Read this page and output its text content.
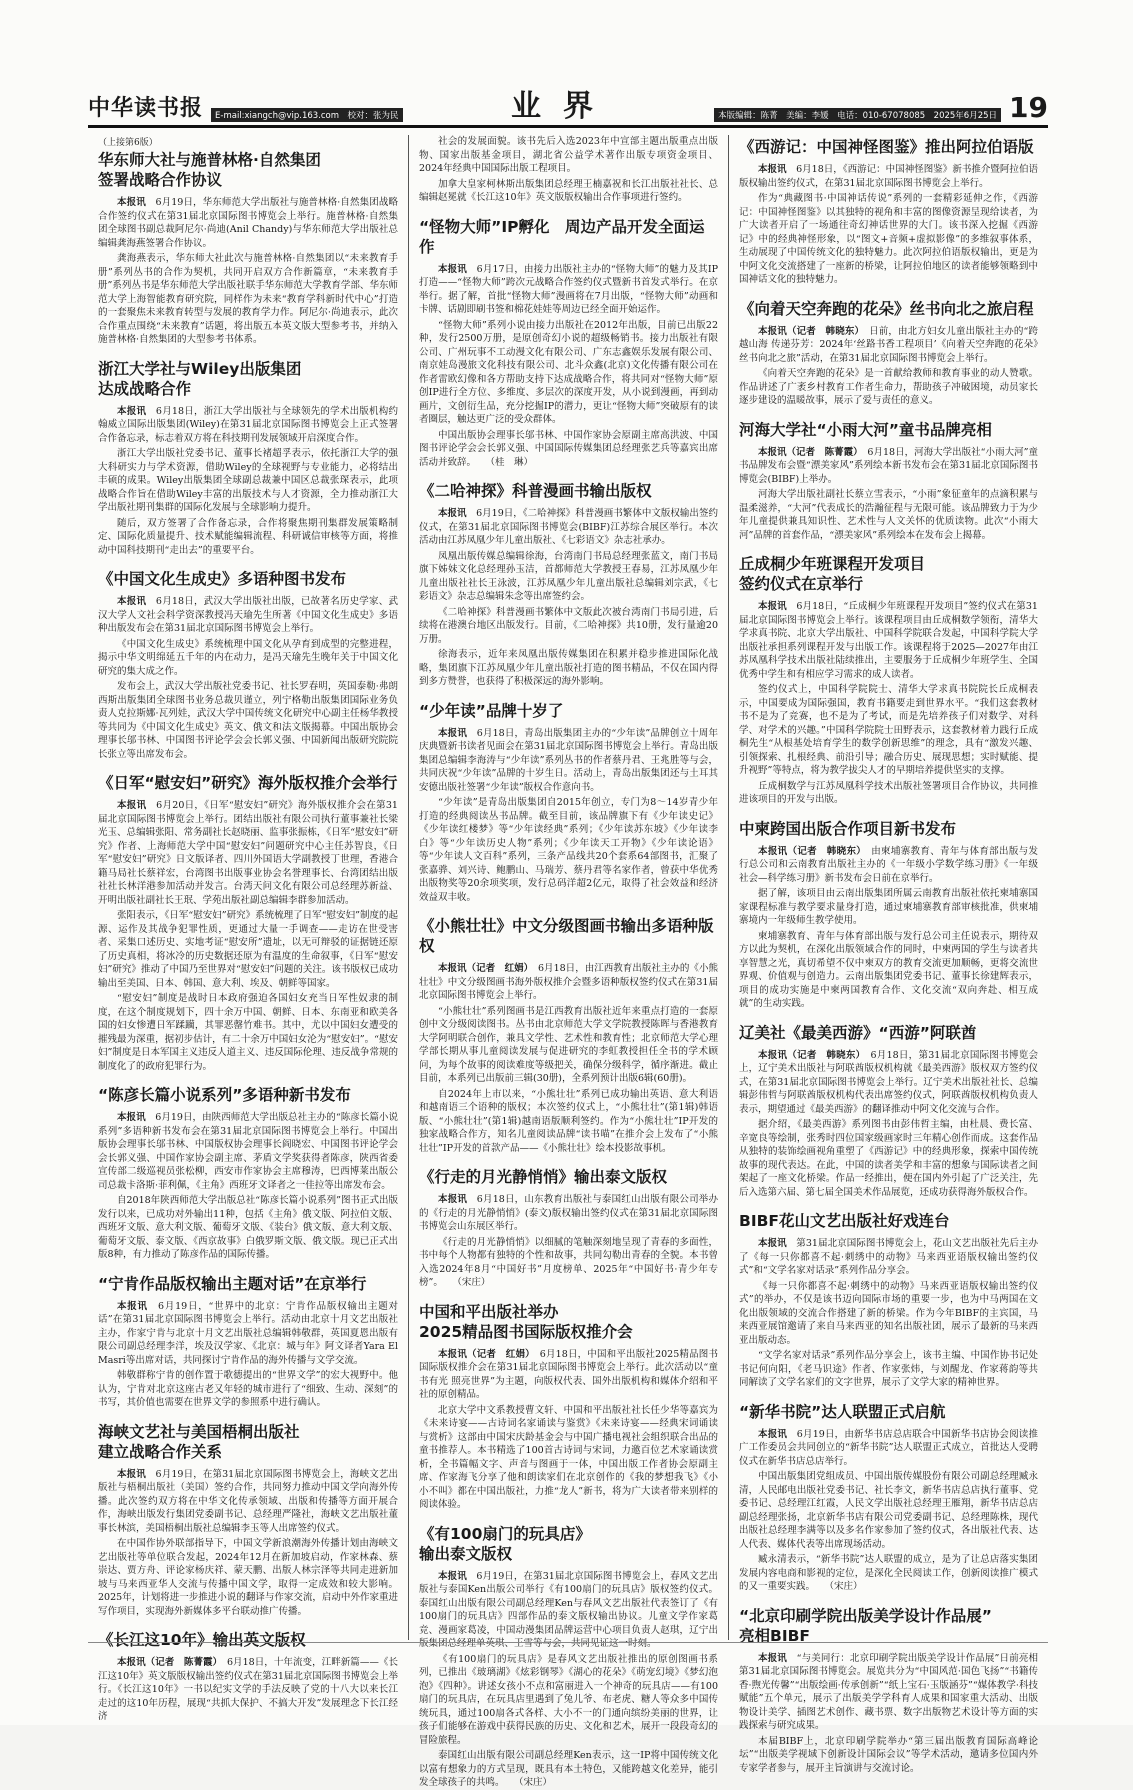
中华读书报	E-mail:xiangch@vip.163.com　校对：张为民	业界	本版编辑：陈菁　美编：李媛　电话：010-67078085　2025年6月25日 19
（上接第6版）
华东师大社与施普林格·自然集团
签署战略合作协议

本报讯　 6月19日，华东师范大学出版社与施普林格·自然集团战略合作签约仪式在第31届北京国际图书博览会上举行。施普林格·自然集团全球图书副总裁阿尼尔·尚迪(Anil Chandy)与华东师范大学出版社总编辑龚海燕签署合作协议。

龚海燕表示，华东师大社此次与施普林格·自然集团以“未来教育手册”系列丛书的合作为契机，共同开启双方合作新篇章，“未来教育手册”系列丛书是华东师范大学出版社联手华东师范大学教育学部、华东师范大学上海智能教育研究院，同样作为未来“教育学科新时代中心”打造的一套聚焦未来教育转型与发展的教育学力作。阿尼尔·尚迪表示，此次合作重点围绕“未来教育”话题，将出版五本英文版大型参考书，并纳入施普林格·自然集团的大型参考书体系。

浙江大学社与Wiley出版集团
达成战略合作

本报讯　 6月18日，浙江大学出版社与全球领先的学术出版机构约翰威立国际出版集团(Wiley)在第31届北京国际图书博览会上正式签署合作备忘录，标志着双方将在科技期刊发展领域开启深度合作。

浙江大学出版社党委书记、董事长褚超孚表示，依托浙江大学的强大科研实力与学术资源，借助Wiley的全球视野与专业能力，必将结出丰硕的成果。Wiley出版集团全球副总裁兼中国区总裁张琛表示，此项战略合作旨在借助Wiley丰富的出版技术与人才资源，全力推动浙江大学出版社期刊集群的国际化发展与全球影响力提升。

随后，双方签署了合作备忘录，合作将聚焦期刊集群发展策略制定、国际化质量提升、技术赋能编辑流程、科研诚信审核等方面，将推动中国科技期刊“走出去”的重要平台。

《中国文化生成史》多语种图书发布

本报讯　 6月18日，武汉大学出版社出版，已故著名历史学家、武汉大学人文社会科学资深教授冯天瑜先生所著《中国文化生成史》多语种出版发布会在第31届北京国际图书博览会上举行。

《中国文化生成史》系统梳理中国文化从孕育到成型的完整进程，揭示中华文明绵延五千年的内在动力，是冯天瑜先生晚年关于中国文化研究的集大成之作。

发布会上，武汉大学出版社党委书记、社长罗春明，英国泰勒·弗朗西斯出版集团全球图书业务总裁贝谨立，列宁格勒出版集团国际业务负责人克拉斯娜·瓦列娃，武汉大学中国传统文化研究中心副主任杨华教授等共同为《中国文化生成史》英文、俄文和法文版揭幕。中国出版协会理事长邬书林、中国图书评论学会会长郭义强、中国新闻出版研究院院长张立等出席发布会。

《日军“慰安妇”研究》海外版权推介会举行

本报讯　 6月20日，《日军“慰安妇”研究》海外版权推介会在第31届北京国际图书博览会上举行。团结出版社有限公司执行董事兼社长梁光玉、总编辑张阳、常务副社长赵晓丽、监事张振栋，《日军“慰安妇”研究》作者、上海师范大学中国“慰安妇”问题研究中心主任苏智良，《日军“慰安妇”研究》日文版译者、四川外国语大学副教授丁世理，香港合籍马局社长蔡祥宏，台湾图书出版事业协会名誉理事长、台湾团结出版社社长林洋港参加活动并发言。台湾天问文化有限公司总经理苏新益、开明出版社副社长王珉、学苑出版社副总编辑李群参加活动。

张阳表示，《日军“慰安妇”研究》系统梳理了日军“慰安妇”制度的起源、运作及其战争犯罪性质，更通过大量一手调查——走访在世受害者、采集口述历史、实地考证“慰安所”遗址，以无可辩驳的证据链还原了历史真相，将冰冷的历史数据还原为有温度的生命叙事，《日军“慰安妇”研究》推动了中国乃至世界对“慰安妇”问题的关注。该书版权已成功输出至美国、日本、韩国、意大利、埃及、朝鲜等国家。

“慰安妇”制度是战时日本政府强迫各国妇女充当日军性奴隶的制度，在这个制度规划下，四十余万中国、朝鲜、日本、东南亚和欧美各国的妇女惨遭日军蹂躏，其罪恶罄竹难书。其中，尤以中国妇女遭受的摧残最为深重，据初步估计，有二十余万中国妇女沦为“慰安妇”。“慰安妇”制度是日本军国主义违反人道主义、违反国际伦理、违反战争常规的制度化了的政府犯罪行为。

“陈彦长篇小说系列”多语种新书发布

本报讯　 6月19日，由陕西师范大学出版总社主办的“陈彦长篇小说系列”多语种新书发布会在第31届北京国际图书博览会上举行。中国出版协会理事长邬书林、中国版权协会理事长阎晓宏、中国图书评论学会会长郭义强、中国作家协会副主席、茅盾文学奖获得者陈彦，陕西省委宣传部二级巡视员张松柳，西安市作家协会主席穆涛，巴西博莱出版公司总裁卡洛斯·菲利佩，《主角》西班牙文译者之一佳拉等出席发布会。

自2018年陕西师范大学出版总社“陈彦长篇小说系列”图书正式出版发行以来，已成功对外输出11种，包括《主角》俄文版、阿拉伯文版、西班牙文版、意大利文版、葡萄牙文版、《装台》俄文版、意大利文版、葡萄牙文版、泰文版、《西京故事》白俄罗斯文版、俄文版。现已正式出版8种，有力推动了陈彦作品的国际传播。

“宁肯作品版权输出主题对话”在京举行

本报讯　 6月19日，“世界中的北京：宁肯作品版权输出主题对话”在第31届北京国际图书博览会上举行。活动由北京十月文艺出版社主办，作家宁肯与北京十月文艺出版社总编辑韩敬群，英国夏恩出版有限公司副总经理李洋，埃及汉学家、《北京：城与年》阿文译者Yara El Masri等出席对话，共同探讨宁肯作品的海外传播与文学交流。

韩敬群称宁肯的创作置于歌德提出的“世界文学”的宏大视野中。他认为，宁肯对北京这座古老又年轻的城市进行了“细致、生动、深刻”的书写，其价值也需要在世界文学的参照系中进行确认。

海峡文艺社与美国梧桐出版社
建立战略合作关系

本报讯　 6月19日，在第31届北京国际图书博览会上，海峡文艺出版社与梧桐出版社（美国）签约合作，共同努力推动中国文学向海外传播。此次签约双方将在中华文化传承领域、出版和传播等方面开展合作，海峡出版发行集团党委副书记、总经理严隆社，海峡文艺出版社董事长林滨，美国梧桐出版社总编辑李玉等人出席签约仪式。

在中国作协外联部指导下，中国文学新浪潮海外传播计划由海峡文艺出版社等单位联合发起，2024年12月在新加坡启动，作家林森、蔡崇达、贾方舟、评论家杨庆祥、蒙天鹏、出版人林宗泽等共同走进新加坡与马来西亚华人交流与传播中国文学，取得一定成效和较大影响。2025年，计划将进一步推进小说的翻译与作家交流，启动中外作家重进写作项目，实现海外新媒体多平台联动推广传播。

《长江这10年》输出英文版权

本报讯（记者　陈菁霞）　 6月18日，十年流变，江畔新篇——《长江这10年》英文版版权输出签约仪式在第31届北京国际图书博览会上举行。《长江这10年》一书以纪实文学的手法反映了党的十八大以来长江走过的这10年历程，展现“共抓大保护、不搞大开发”发展理念下长江经济

社会的发展面貌。该书先后入选2023年中宣部主题出版重点出版物、国家出版基金项目，湖北省公益学术著作出版专项资金项目、2024年经典中国国际出版工程项目。

加拿大皇家柯林斯出版集团总经理王楠嘉祝和长江出版社社长、总编辑赵冕就《长江这10年》英文版版权输出合作事项进行签约。

“怪物大师”IP孵化　周边产品开发全面运作

本报讯　 6月17日，由接力出版社主办的“怪物大师”的魅力及其IP打造——“怪物大师”跨次元战略合作签约仪式暨新书首发式举行。在京举行。据了解，首批“怪物大师”漫画将在7月出版，“怪物大师”动画和卡牌、话剧即刷书签和棉花娃娃等周边已经全面开始运作。

“怪物大师”系列小说由接力出版社在2012年出版，目前已出版22种，发行2500万册，是原创奇幻小说的超级畅销书。接力出版社有限公司、广州玩事不工动漫文化有限公司、广东志鑫娱乐发展有限公司、南京娃岛漫旅文化科技有限公司、北斗众鑫(北京)文化传播有限公司在作者雷欧幻像和各方帮助支持下达成战略合作，将共同对“怪物大师”原创IP进行全方位、多维度、多层次的深度开发，从小说到漫画，再到动画片，文创衍生品，充分挖掘IP的潜力，更让“怪物大师”突破原有的读者圈层，触达更广泛的受众群体。

中国出版协会理事长邬书林、中国作家协会原副主席高洪波、中国图书评论学会会长郭义强、中国国际传媒集团总经理张艺兵等嘉宾出席活动并致辞。　　（桂　琳）

《二哈神探》科普漫画书输出版权

本报讯　 6月19日，《二哈神探》科普漫画书繁体中文版权输出签约仪式，在第31届北京国际图书博览会(BIBF)江苏综合展区举行。本次活动由江苏凤凰少年儿童出版社、《七彩语文》杂志社承办。

凤凰出版传媒总编辑徐海，台湾南门书局总经理张蓝文，南门书局旗下姊妹文化总经理孙玉洁，首都师范大学教授王春易，江苏凤凰少年儿童出版社社长王泳波，江苏凤凰少年儿童出版社总编辑刘宗武，《七彩语文》杂志总编辑朱念等出席签约会。

《二哈神探》科普漫画书繁体中文版此次被台湾南门书局引进，后续将在港澳台地区出版发行。目前，《二哈神探》共10册，发行量逾20万册。

徐海表示，近年来凤凰出版传媒集团在积累并稳步推进国际化战略，集团旗下江苏凤凰少年儿童出版社打造的图书精品，不仅在国内得到多方赞誉，也获得了积极深远的海外影响。

“少年读”品牌十岁了

本报讯　 6月18日，青岛出版集团主办的“少年读”品牌创立十周年庆典暨新书读者见面会在第31届北京国际图书博览会上举行。青岛出版集团总编辑李海涛与“少年读”系列丛书的作者蔡丹君、王兆胜等与会，共同庆祝“少年读”品牌的十岁生日。活动上，青岛出版集团还与土耳其安德出版社签署“少年读”版权合作意向书。

“少年读”是青岛出版集团自2015年创立，专门为8～14岁青少年打造的经典阅读丛书品牌。截至目前，该品牌旗下有《少年读史记》《少年读红楼梦》等“少年读经典”系列；《少年读苏东坡》《少年读李白》等“少年读历史人物”系列；《少年读天工开物》《少年读论语》等“少年读人文百科”系列，三条产品线共20个套系64部图书，汇聚了张嘉骅、刘兴诗、鲍鹏山、马瑞芳、蔡丹君等名家作者，曾获中华优秀出版物奖等20余项奖项，发行总码洋超2亿元，取得了社会效益和经济效益双丰收。

《小熊壮壮》中文分级图画书输出多语种版权

本报讯（记者　红娟）　 6月18日，由江西教育出版社主办的《小熊壮壮》中文分级图画书海外版权推介会暨多语种版权签约仪式在第31届北京国际图书博览会上举行。

“小熊壮壮”系列图画书是江西教育出版社近年来重点打造的一套原创中文分级阅读图书。丛书由北京师范大学文学院教授陈晖与香港教育大学阿明联合创作，兼具文学性、艺术性和教育性；北京师范大学心理学部长期从事儿童阅读发展与促进研究的李虹教授担任全书的学术顾问，为每个故事的阅读难度等级把关，确保分级科学，循序渐进。截止目前，本系列已出版前三辑(30册)，全系列预计出版6辑(60册)。

自2024年上市以来，“小熊壮壮”系列已成功输出英语、意大利语和越南语三个语种的版权；本次签约仪式上，“小熊壮壮”(第1辑)韩语版、“小熊壮壮”(第1辑)越南语版顺利签约。作为“小熊壮壮”IP开发的独家战略合作方，知名儿童阅读品牌“读书喵”在推介会上发布了“小熊壮壮”IP开发的首款产品——《小熊壮壮》绘本投影故事机。

《行走的月光静悄悄》输出泰文版权

本报讯　 6月18日，山东教育出版社与泰国红山出版有限公司举办的《行走的月光静悄悄》(泰文)版权输出签约仪式在第31届北京国际图书博览会山东展区举行。

《行走的月光静悄悄》以细腻的笔触深刻地呈现了青春的多面性，书中每个人物都有独特的个性和故事，共同勾勒出青春的全貌。本书曾入选2024年8月“中国好书”月度榜单、2025年“中国好书·青少年专榜”。　　（宋庄）

中国和平出版社举办
2025精品图书国际版权推介会

本报讯（记者　红娟）　 6月18日，中国和平出版社2025精品图书国际版权推介会在第31届北京国际图书博览会上举行。此次活动以“童书有光 照亮世界”为主题，向版权代表、国外出版机构和媒体介绍和平社的原创精品。

北京大学中文系教授曹文轩、中国和平出版社社长任少华等嘉宾为《未来诗宴——古诗词名家诵读与鉴赏》《未来诗宴——经典宋词诵读与赏析》这部由中国宋庆龄基金会与中国广播电视社会组织联合出品的童书推荐人。本书精选了100首古诗词与宋词，力邀百位艺术家诵读赏析，全书篇幅文字、声音与图画于一体，中国出版工作者协会原副主席、作家海飞分享了他和朗读家们在北京创作的《我的梦想我飞》《小小不叫》都在中国出版社，力推“龙人”新书，将为广大读者带来别样的阅读体验。

《有100扇门的玩具店》
输出泰文版权

本报讯　 6月19日，在第31届北京国际图书博览会上，春风文艺出版社与泰国Ken出版公司举行《有100扇门的玩具店》版权签约仪式。泰国红山出版有限公司副总经理Ken与春风文艺出版社代表签订了《有100扇门的玩具店》四部作品的泰文版权输出协议。儿童文学作家葛竞、漫画家葛凌，中国动漫集团品牌运营中心项目负责人赵琪，辽宁出版集团总经理单英琪、王雪等与会，共同见证这一时刻。

《有100扇门的玩具店》是春风文艺出版社推出的原创图画书系列，已推出《玻璃湖》《炫彩钢琴》《湖心的花朵》《萌宠幻境》《梦幻泡泡》《四种》。讲述女孩小不点和富丽进入一个神奇的玩具店——有100扇门的玩具店，在玩具店里遇到了兔儿爷、布老虎、糖人等众多中国传统玩具，通过100扇各式各样、大小不一的门通向缤纷美丽的世界，让孩子们能够在游戏中获得民族的历史、文化和艺术，展开一段段奇幻的冒险旅程。

泰国红山出版有限公司副总经理Ken表示，这一IP将中国传统文化以富有想象力的方式呈现，既具有本土特色，又能跨越文化差异，能引发全球孩子的共鸣。　　（宋庄）

《西游记：中国神怪图鉴》推出阿拉伯语版

本报讯　 6月18日，《西游记：中国神怪图鉴》新书推介暨阿拉伯语版权输出签约仪式，在第31届北京国际图书博览会上举行。

作为“典藏图书·中国神话传说”系列的一套精彩延伸之作，《西游记：中国神怪图鉴》以其独特的视角和丰富的图像资源呈现给读者，为广大读者开启了一场通往奇幻神话世界的大门。该书深入挖掘《西游记》中的经典神怪形象，以“图文+音频+虚拟影像”的多维叙事体系，生动展现了中国传统文化的独特魅力。此次阿拉伯语版权输出，更是为中阿文化交流搭建了一座新的桥梁，让阿拉伯地区的读者能够领略到中国神话文化的独特魅力。

《向着天空奔跑的花朵》丝书向北之旅启程

本报讯（记者　韩晓东）　 日前，由北方妇女儿童出版社主办的“跨越山海 传递芬芳：2024年‘丝路书香工程项目’《向着天空奔跑的花朵》丝书向北之旅”活动，在第31届北京国际图书博览会上举行。

《向着天空奔跑的花朵》是一首献给教师和教育事业的动人赞歌。作品讲述了广袤乡村教育工作者生命力，帮助孩子冲破困境，动员家长逐步建设的温暖故事，展示了爱与责任的意义。

河海大学社“小雨大河”童书品牌亮相

本报讯（记者　陈菁霞）　 6月18日，河海大学出版社“小雨大河”童书品牌发布会暨“漂美家风”系列绘本新书发布会在第31届北京国际图书博览会(BIBF)上举办。

河海大学出版社副社长蔡立雪表示，“小雨”象征童年的点滴积累与温柔滋养，“大河”代表成长的浩瀚征程与无限可能。该品牌致力于为少年儿童提供兼具知识性、艺术性与人文关怀的优质读物。此次“小雨大河”品牌的首套作品，“漂美家风”系列绘本在发布会上揭幕。

丘成桐少年班课程开发项目
签约仪式在京举行

本报讯　 6月18日，“丘成桐少年班课程开发项目”签约仪式在第31届北京国际图书博览会上举行。该课程项目由丘成桐数学领衔，清华大学求真书院、北京大学出版社、中国科学院联合发起，中国科学院大学出版社承担系列课程开发与出版工作。该课程将于2025—2027年由江苏凤凰科学技术出版社陆续推出，主要服务于丘成桐少年班学生、全国优秀中学生和有相应学习需求的成人读者。

签约仪式上，中国科学院院士、清华大学求真书院院长丘成桐表示，中国要成为国际强国，教育书籍要走到世界水平。“我们这套教材书不是为了竞赛，也不是为了考试，而是先培养孩子们对数学、对科学、对学术的兴趣。”中国科学院院士田野表示，这套教材着力践行丘成桐先生“从根基处培育学生的数学创新思维”的理念，具有“激发兴趣、引领探索、扎根经典、前沿引导；融合历史、展现思想；实时赋能、提升视野”等特点，将为教学拔尖人才的早期培养提供坚实的支撑。

丘成桐数学与江苏凤凰科学技术出版社签署项目合作协议，共同推进该项目的开发与出版。

中柬跨国出版合作项目新书发布

本报讯（记者　韩晓东）　 由柬埔寨教育、青年与体育部出版与发行总公司和云南教育出版社主办的《一年级小学数学练习册》《一年级社会—科学练习册》新书发布会日前在京举行。

据了解，该项目由云南出版集团所属云南教育出版社依托柬埔寨国家课程标准与教学要求量身打造，通过柬埔寨教育部审核批准，供柬埔寨境内一年级师生教学使用。

柬埔寨教育、青年与体育部出版与发行总公司主任说表示，期待双方以此为契机，在深化出版领域合作的同时，中柬两国的学生与读者共享智慧之光，真切希望不仅中柬双方的教育交流更加顺畅，更将交流世界观、价值观与创造力。云南出版集团党委书记、董事长徐建辉表示，项目的成功实施是中柬两国教育合作、文化交流“双向奔赴、相互成就”的生动实践。

辽美社《最美西游》“西游”阿联酋

本报讯（记者　韩晓东）　 6月18日，第31届北京国际图书博览会上，辽宁美术出版社与阿联酋版权机构就《最美西游》版权双方签约仪式，在第31届北京国际图书博览会上举行。辽宁美术出版社社长、总编辑彭伟哲与阿联酋版权机构代表出席签约仪式，阿联酋版权机构负责人表示，期望通过《最美西游》的翻译推动中阿文化交流与合作。

据介绍，《最美西游》系列图书由彭伟哲主编，由杜晨、费长富、辛宽良等绘制，张秀时四位国家级画家时三年精心创作而成。这套作品从独特的装饰绘画视角重塑了《西游记》中的经典形象，探索中国传统故事的现代表达。在此，中国的读者美学和丰富的想象与国际读者之间架起了一座文化桥梁。作品一经推出，便在国内外引起了广泛关注，先后入选第六届、第七届全国美术作品展览，还成功获得海外版权合作。

BIBF花山文艺出版社好戏连台

本报讯　 第31届北京国际图书博览会上，花山文艺出版社先后主办了《每一只你都喜不起·刺绣中的动物》马来西亚语版权输出签约仪式”和“文学名家对话录”系列作品分享会。

《每一只你都喜不起·刺绣中的动物》马来西亚语版权输出签约仪式”的举办，不仅是该书迈向国际市场的重要一步，也为中马两国在文化出版领域的交流合作搭建了新的桥梁。作为今年BIBF的主宾国，马来西亚展馆邀请了来自马来西亚的知名出版社团，展示了最新的马来西亚出版动态。

“文学名家对话录”系列作品分享会上，该书主编、中国作协书记处书记何向阳，《老马识途》作者、作家张炜，与刘醒龙、作家蒋韵等共同解读了文学名家们的文字世界，展示了文学大家的精神世界。

“新华书院”达人联盟正式启航

本报讯　 6月19日，由新华书店总店联合中国新华书店协会阅读推广工作委员会共同创立的“新华书院”达人联盟正式成立，首批达人受聘仪式在新华书店总店举行。

中国出版集团党组成员、中国出版传媒股份有限公司副总经理臧永清，人民邮电出版社党委书记、社长李文，新华书店总店执行董事、党委书记、总经理江红霞，人民文学出版社总经理王雁翔，新华书店总店副总经理张扬，北京新华书店有限公司党委副书记、总经理陈株，现代出版社总经理李满等以及多名作家参加了签约仪式，各出版社代表、达人代表、媒体代表等出席现场活动。

臧永清表示，“新华书院”达人联盟的成立，是为了让总店落实集团发展内容电商和影视的定位，是深化全民阅读工作，创新阅读推广模式的又一重要实践。　　（宋庄）

“北京印刷学院出版美学设计作品展”
亮相BIBF

本报讯　 “与美同行：北京印刷学院出版美学设计作品展”日前亮相第31届北京国际图书博览会。展览共分为“中国风范·国色飞扬”“书籍传香·煦光传馨”“出版绘画·传承创新”“纸上宝石·玉版涵芬”“媒体教学·科技赋能”五个单元，展示了出版美学学科育人成果和国家重大活动、出版物设计美学、插图艺术创作、藏书票、数字出版物艺术设计等方面的实践探索与研究成果。

本届BIBF上，北京印刷学院举办“第三届出版教育国际高峰论坛”“出版美学视域下创新设计国际会议”等学术活动，邀请多位国内外专家学者参与，展开主旨演讲与交流讨论。
